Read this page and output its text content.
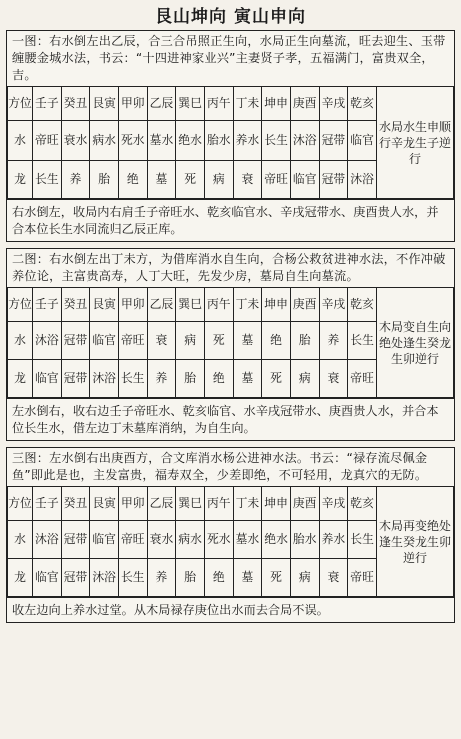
艮山坤向 寅山申向
一图：右水倒左出乙辰，合三合吊照正生向，水局正生向墓流，旺去迎生、玉带缠腰金城水法，书云：“十四进神家业兴”主妻贤子孝，五福满门，富贵双全，吉。
方位	壬子	癸丑	艮寅	甲卯	乙辰	巽巳	丙午	丁未	坤申	庚酉	辛戌	乾亥	水局水生申顺行辛龙生子逆行
水	帝旺	衰水	病水	死水	墓水	绝水	胎水	养水	长生	沐浴	冠带	临官	
龙	长生	养	胎	绝	墓	死	病	衰	帝旺	临官	冠带	沐浴	
右水倒左，收局内右肩壬子帝旺水、乾亥临官水、辛戌冠带水、庚酉贵人水，并合本位长生水同流归乙辰正库。
二图：右水倒左出丁未方，为借库消水自生向，合杨公救贫进神水法，不作冲破养位论，主富贵高寿，人丁大旺，先发少房，墓局自生向墓流。
方位	壬子	癸丑	艮寅	甲卯	乙辰	巽巳	丙午	丁未	坤申	庚酉	辛戌	乾亥	木局变自生向绝处逢生癸龙生卯逆行
水	沐浴	冠带	临官	帝旺	衰	病	死	墓	绝	胎	养	长生	
龙	临官	冠带	沐浴	长生	养	胎	绝	墓	死	病	衰	帝旺	
左水倒右，收右边壬子帝旺水、乾亥临官、水辛戌冠带水、庚酉贵人水，并合本位长生水，借左边丁未墓库消纳，为自生向。
三图：左水倒右出庚酉方，合文库消水杨公进神水法。书云：“禄存流尽佩金鱼”即此是也，主发富贵，福寿双全，少差即绝，不可轻用，龙真穴的无防。
方位	壬子	癸丑	艮寅	甲卯	乙辰	巽巳	丙午	丁未	坤申	庚酉	辛戌	乾亥	木局再变绝处逢生癸龙生卯逆行
水	沐浴	冠带	临官	帝旺	衰水	病水	死水	墓水	绝水	胎水	养水	长生	
龙	临官	冠带	沐浴	长生	养	胎	绝	墓	死	病	衰	帝旺	
收左边向上养水过堂。从木局禄存庚位出水而去合局不误。
